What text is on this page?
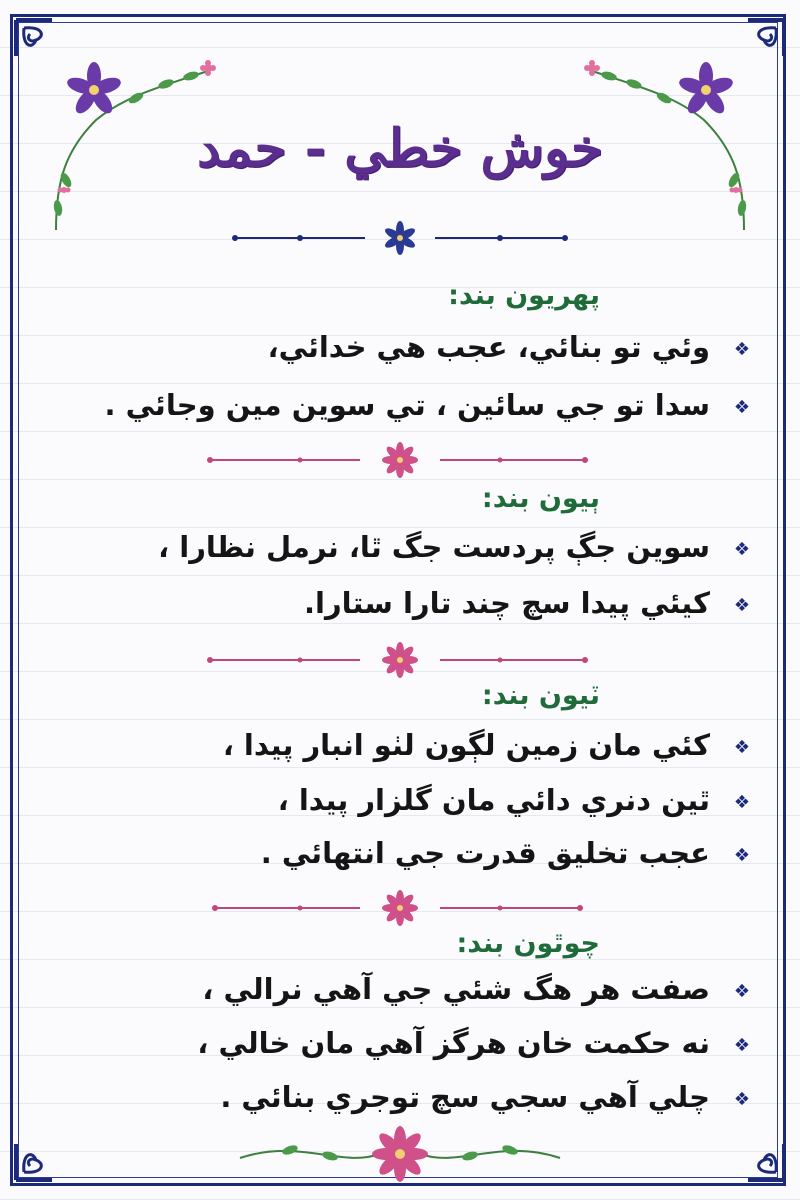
خوش خطي - حمد
پهريون بند:
❖وئي تو بنائي، عجب هي خدائي،
❖سدا تو جي سائين ، تي سوين مين وجائي .
ٻيون بند:
❖سوين جڳ پردست جگ ٿا، نرمل نظارا ،
❖کيئي پيدا سچ چند تارا ستارا.
ٽيون بند:
❖کئي مان زمين لڳون لٺو انبار پيدا ،
❖ٿين دنري دائي مان گلزار پيدا ،
❖عجب تخليق قدرت جي انتهائي .
چوٿون بند:
❖صفت هر هگ شئي جي آهي نرالي ،
❖نه حکمت خان هرگز آهي مان خالي ،
❖چلي آهي سجي سچ توجري بنائي .
